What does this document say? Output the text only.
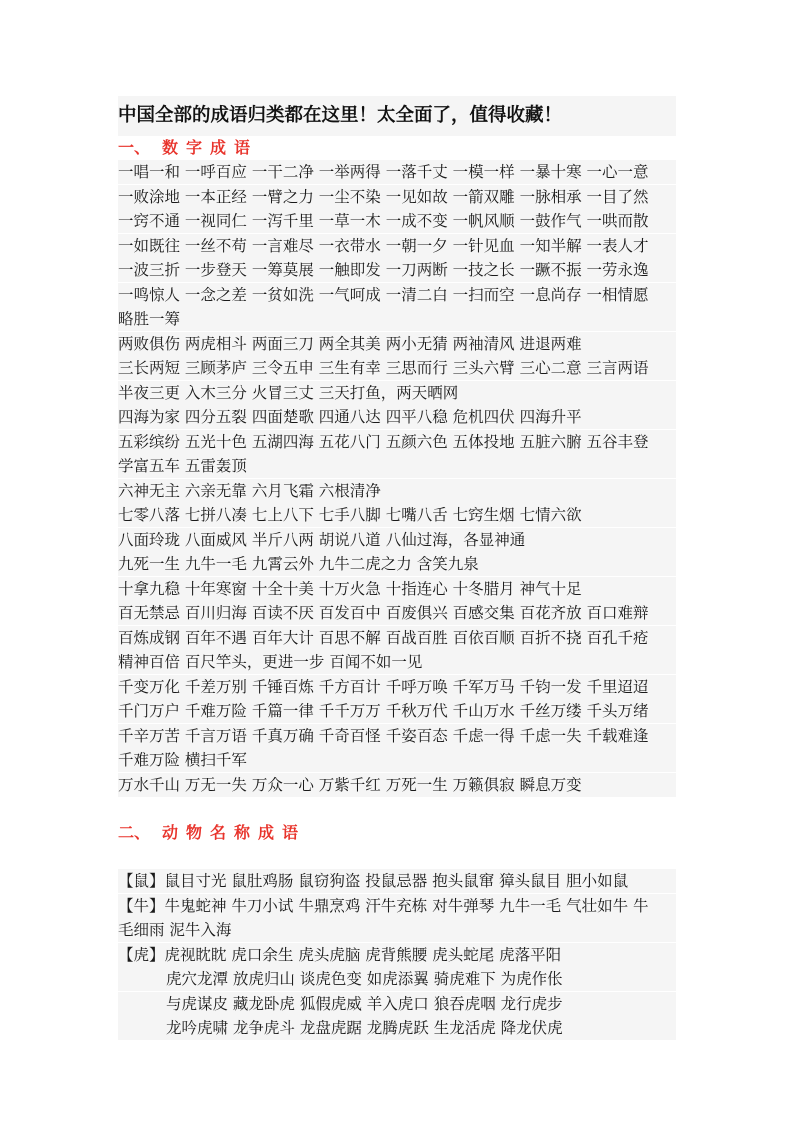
中国全部的成语归类都在这里！太全面了，值得收藏！
一、 数字成语
一唱一和 一呼百应 一干二净 一举两得 一落千丈 一模一样 一暴十寒 一心一意
一败涂地 一本正经 一臂之力 一尘不染 一见如故 一箭双雕 一脉相承 一目了然
一窍不通 一视同仁 一泻千里 一草一木 一成不变 一帆风顺 一鼓作气 一哄而散
一如既往 一丝不苟 一言难尽 一衣带水 一朝一夕 一针见血 一知半解 一表人才
一波三折 一步登天 一筹莫展 一触即发 一刀两断 一技之长 一蹶不振 一劳永逸
一鸣惊人 一念之差 一贫如洗 一气呵成 一清二白 一扫而空 一息尚存 一相情愿
略胜一筹
两败俱伤 两虎相斗 两面三刀 两全其美 两小无猜 两袖清风 进退两难
三长两短 三顾茅庐 三令五申 三生有幸 三思而行 三头六臂 三心二意 三言两语
半夜三更 入木三分 火冒三丈 三天打鱼，两天晒网
四海为家 四分五裂 四面楚歌 四通八达 四平八稳 危机四伏 四海升平
五彩缤纷 五光十色 五湖四海 五花八门 五颜六色 五体投地 五脏六腑 五谷丰登
学富五车 五雷轰顶
六神无主 六亲无靠 六月飞霜 六根清净
七零八落 七拼八凑 七上八下 七手八脚 七嘴八舌 七窍生烟 七情六欲
八面玲珑 八面威风 半斤八两 胡说八道 八仙过海，各显神通
九死一生 九牛一毛 九霄云外 九牛二虎之力 含笑九泉
十拿九稳 十年寒窗 十全十美 十万火急 十指连心 十冬腊月 神气十足
百无禁忌 百川归海 百读不厌 百发百中 百废俱兴 百感交集 百花齐放 百口难辩
百炼成钢 百年不遇 百年大计 百思不解 百战百胜 百依百顺 百折不挠 百孔千疮
精神百倍 百尺竿头，更进一步 百闻不如一见
千变万化 千差万别 千锤百炼 千方百计 千呼万唤 千军万马 千钧一发 千里迢迢
千门万户 千难万险 千篇一律 千千万万 千秋万代 千山万水 千丝万缕 千头万绪
千辛万苦 千言万语 千真万确 千奇百怪 千姿百态 千虑一得 千虑一失 千载难逢
千难万险 横扫千军
万水千山 万无一失 万众一心 万紫千红 万死一生 万籁俱寂 瞬息万变
二、 动物名称成语
【鼠】鼠目寸光 鼠肚鸡肠 鼠窃狗盗 投鼠忌器 抱头鼠窜 獐头鼠目 胆小如鼠
【牛】牛鬼蛇神 牛刀小试 牛鼎烹鸡 汗牛充栋 对牛弹琴 九牛一毛 气壮如牛 牛
毛细雨 泥牛入海
【虎】虎视眈眈 虎口余生 虎头虎脑 虎背熊腰 虎头蛇尾 虎落平阳
虎穴龙潭 放虎归山 谈虎色变 如虎添翼 骑虎难下 为虎作伥
与虎谋皮 藏龙卧虎 狐假虎威 羊入虎口 狼吞虎咽 龙行虎步
龙吟虎啸 龙争虎斗 龙盘虎踞 龙腾虎跃 生龙活虎 降龙伏虎
